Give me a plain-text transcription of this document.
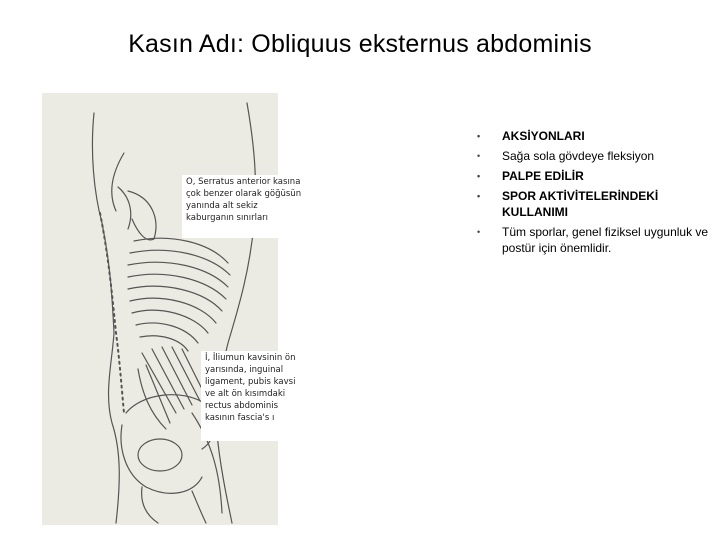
Kasın Adı: Obliquus eksternus abdominis
O, Serratus anterior kasına çok benzer olarak göğüsün yanında alt sekiz kaburganın sınırları
İ, İliumun kavsinin ön yarısında, inguinal ligament, pubis kavsi ve alt ön kısımdaki rectus abdominis kasının fascia's ı
• AKSİYONLARI
• Sağa sola gövdeye fleksiyon
• PALPE EDİLİR
• SPOR AKTİVİTELERİNDEKİ KULLANIMI
• Tüm sporlar, genel fiziksel uygunluk ve postür için önemlidir.
